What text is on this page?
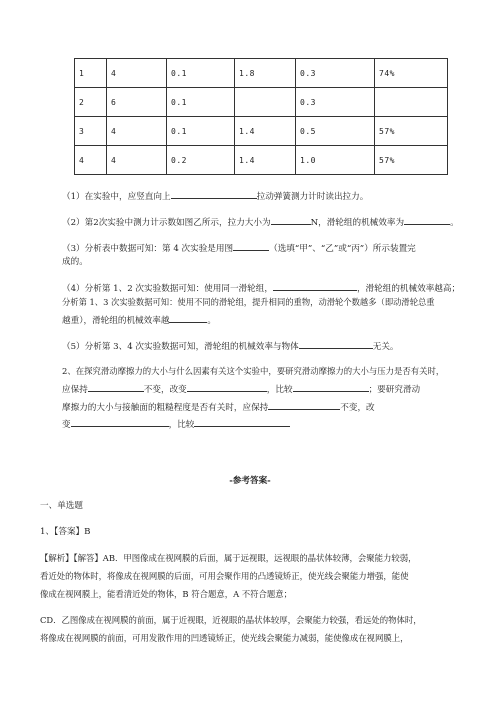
1	4	0.1	1.8	0.3	74%
2	6	0.1		0.3	
3	4	0.1	1.4	0.5	57%
4	4	0.2	1.4	1.0	57%
（1）在实验中，应竖直向上	拉动弹簧测力计时读出拉力。
（2）第2次实验中测力计示数如图乙所示，拉力大小为	N，滑轮组的机械效率为	。
（3）分析表中数据可知：第 4 次实验是用图	（选填“甲”、“乙”或“丙”）所示装置完
成的。
（4）分析第 1、2 次实验数据可知：使用同一滑轮组，	，滑轮组的机械效率越高；
分析第 1、3 次实验数据可知：使用不同的滑轮组，提升相同的重物，动滑轮个数越多（即动滑轮总重
越重），滑轮组的机械效率越	。
（5）分析第 3、4 次实验数据可知，滑轮组的机械效率与物体	无关。
2、在探究滑动摩擦力的大小与什么因素有关这个实验中，要研究滑动摩擦力的大小与压力是否有关时，
应保持	不变，改变	，比较	；要研究滑动
摩擦力的大小与接触面的粗糙程度是否有关时，应保持	不变，改
变	，比较
-参考答案-
一、单选题
1、【答案】B
【解析】【解答】AB．甲图像成在视网膜的后面，属于远视眼，远视眼的晶状体较薄，会聚能力较弱，
看近处的物体时，将像成在视网膜的后面，可用会聚作用的凸透镜矫正，使光线会聚能力增强，能使
像成在视网膜上，能看清近处的物体，B 符合题意，A 不符合题意；
CD．乙图像成在视网膜的前面，属于近视眼，近视眼的晶状体较厚，会聚能力较强，看远处的物体时，
将像成在视网膜的前面，可用发散作用的凹透镜矫正，使光线会聚能力减弱，能使像成在视网膜上，
